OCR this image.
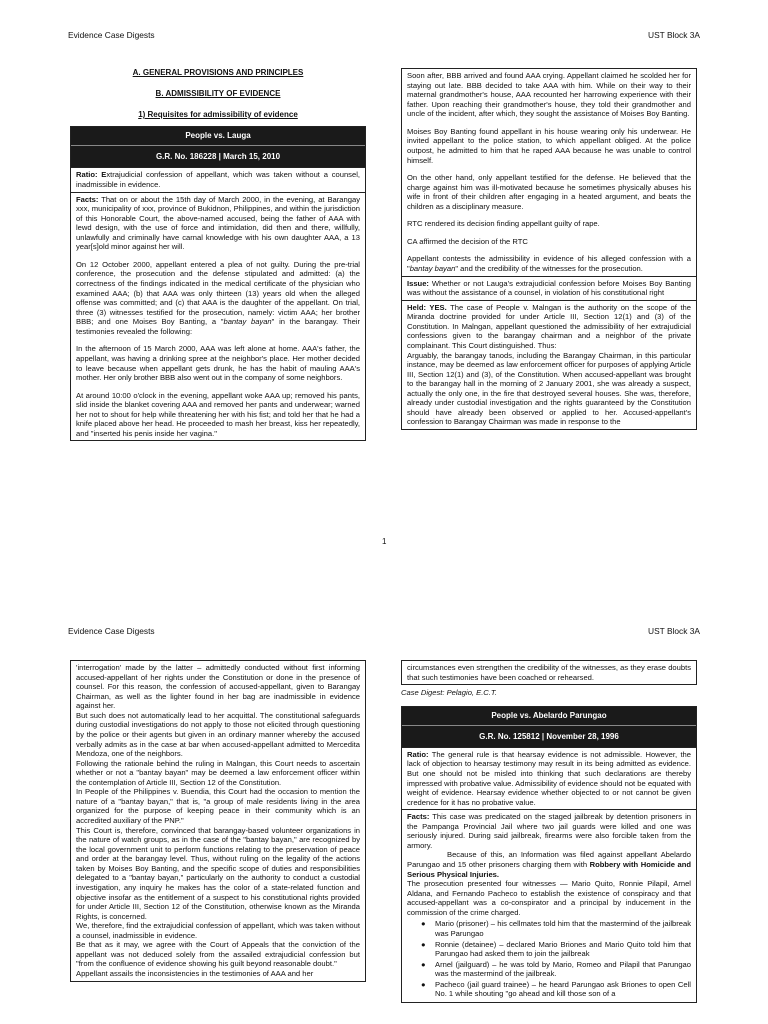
Evidence Case Digests	UST Block 3A
A. GENERAL PROVISIONS AND PRINCIPLES
B. ADMISSIBILITY OF EVIDENCE
1) Requisites for admissibility of evidence
People vs. Lauga
G.R. No. 186228 | March 15, 2010
Ratio: Extrajudicial confession of appellant, which was taken without a counsel, inadmissible in evidence.

Facts: That on or about the 15th day of March 2000, in the evening, at Barangay xxx, municipality of xxx, province of Bukidnon, Philippines, and within the jurisdiction of this Honorable Court, the above-named accused, being the father of AAA with lewd design, with the use of force and intimidation, did then and there, willfully, unlawfully and criminally have carnal knowledge with his own daughter AAA, a 13 year[s]old minor against her will.

On 12 October 2000, appellant entered a plea of not guilty. During the pre-trial conference, the prosecution and the defense stipulated and admitted: (a) the correctness of the findings indicated in the medical certificate of the physician who examined AAA; (b) that AAA was only thirteen (13) years old when the alleged offense was committed; and (c) that AAA is the daughter of the appellant. On trial, three (3) witnesses testified for the prosecution, namely: victim AAA; her brother BBB; and one Moises Boy Banting, a "bantay bayan" in the barangay. Their testimonies revealed the following:

In the afternoon of 15 March 2000, AAA was left alone at home. AAA's father, the appellant, was having a drinking spree at the neighbor's place. Her mother decided to leave because when appellant gets drunk, he has the habit of mauling AAA's mother. Her only brother BBB also went out in the company of some neighbors.

At around 10:00 o'clock in the evening, appellant woke AAA up; removed his pants, slid inside the blanket covering AAA and removed her pants and underwear; warned her not to shout for help while threatening her with his fist; and told her that he had a knife placed above her head. He proceeded to mash her breast, kiss her repeatedly, and "inserted his penis inside her vagina."

Soon after, BBB arrived and found AAA crying. Appellant claimed he scolded her for staying out late. BBB decided to take AAA with him. While on their way to their maternal grandmother's house, AAA recounted her harrowing experience with their father. Upon reaching their grandmother's house, they told their grandmother and uncle of the incident, after which, they sought the assistance of Moises Boy Banting.

Moises Boy Banting found appellant in his house wearing only his underwear. He invited appellant to the police station, to which appellant obliged. At the police outpost, he admitted to him that he raped AAA because he was unable to control himself.

On the other hand, only appellant testified for the defense. He believed that the charge against him was ill-motivated because he sometimes physically abuses his wife in front of their children after engaging in a heated argument, and beats the children as a disciplinary measure.

RTC rendered its decision finding appellant guilty of rape.

CA affirmed the decision of the RTC

Appellant contests the admissibility in evidence of his alleged confession with a "bantay bayan" and the credibility of the witnesses for the prosecution.

Issue: Whether or not Lauga's extrajudicial confession before Moises Boy Banting was without the assistance of a counsel, in violation of his constitutional right

Held: YES. The case of People v. Malngan is the authority on the scope of the Miranda doctrine provided for under Article III, Section 12(1) and (3) of the Constitution. In Malngan, appellant questioned the admissibility of her extrajudicial confessions given to the barangay chairman and a neighbor of the private complainant. This Court distinguished. Thus:

Arguably, the barangay tanods, including the Barangay Chairman, in this particular instance, may be deemed as law enforcement officer for purposes of applying Article III, Section 12(1) and (3), of the Constitution. When accused-appellant was brought to the barangay hall in the morning of 2 January 2001, she was already a suspect, actually the only one, in the fire that destroyed several houses. She was, therefore, already under custodial investigation and the rights guaranteed by the Constitution should have already been observed or applied to her. Accused-appellant's confession to Barangay Chairman was made in response to the

1
Evidence Case Digests	UST Block 3A
'interrogation' made by the latter – admittedly conducted without first informing accused-appellant of her rights under the Constitution or done in the presence of counsel. For this reason, the confession of accused-appellant, given to Barangay Chairman, as well as the lighter found in her bag are inadmissible in evidence against her.
But such does not automatically lead to her acquittal. The constitutional safeguards during custodial investigations do not apply to those not elicited through questioning by the police or their agents but given in an ordinary manner whereby the accused verbally admits as in the case at bar when accused-appellant admitted to Mercedita Mendoza, one of the neighbors.
Following the rationale behind the ruling in Malngan, this Court needs to ascertain whether or not a "bantay bayan" may be deemed a law enforcement officer within the contemplation of Article III, Section 12 of the Constitution.
In People of the Philippines v. Buendia, this Court had the occasion to mention the nature of a "bantay bayan," that is, "a group of male residents living in the area organized for the purpose of keeping peace in their community which is an accredited auxiliary of the PNP."
This Court is, therefore, convinced that barangay-based volunteer organizations in the nature of watch groups, as in the case of the "bantay bayan," are recognized by the local government unit to perform functions relating to the preservation of peace and order at the barangay level. Thus, without ruling on the legality of the actions taken by Moises Boy Banting, and the specific scope of duties and responsibilities delegated to a "bantay bayan," particularly on the authority to conduct a custodial investigation, any inquiry he makes has the color of a state-related function and objective insofar as the entitlement of a suspect to his constitutional rights provided for under Article III, Section 12 of the Constitution, otherwise known as the Miranda Rights, is concerned.
We, therefore, find the extrajudicial confession of appellant, which was taken without a counsel, inadmissible in evidence.
Be that as it may, we agree with the Court of Appeals that the conviction of the appellant was not deduced solely from the assailed extrajudicial confession but "from the confluence of evidence showing his guilt beyond reasonable doubt."
Appellant assails the inconsistencies in the testimonies of AAA and her
circumstances even strengthen the credibility of the witnesses, as they erase doubts that such testimonies have been coached or rehearsed.
Case Digest: Pelagio, E.C.T.
People vs. Abelardo Parungao
G.R. No. 125812 | November 28, 1996
Ratio: The general rule is that hearsay evidence is not admissible. However, the lack of objection to hearsay testimony may result in its being admitted as evidence. But one should not be misled into thinking that such declarations are thereby impressed with probative value. Admissibility of evidence should not be equated with weight of evidence. Hearsay evidence whether objected to or not cannot be given credence for it has no probative value.
Facts: This case was predicated on the staged jailbreak by detention prisoners in the Pampanga Provincial Jail where two jail guards were killed and one was seriously injured. During said jailbreak, firearms were also forcible taken from the armory.
Because of this, an Information was filed against appellant Abelardo Parungao and 15 other prisoners charging them with Robbery with Homicide and Serious Physical Injuries.
The prosecution presented four witnesses — Mario Quito, Ronnie Pilapil, Arnel Aldana, and Fernando Pacheco to establish the existence of conspiracy and that accused-appellant was a co-conspirator and a principal by inducement in the commission of the crime charged.
● Mario (prisoner) – his cellmates told him that the mastermind of the jailbreak was Parungao
● Ronnie (detainee) – declared Mario Briones and Mario Quito told him that Parungao had asked them to join the jailbreak
● Arnel (jailguard) – he was told by Mario, Romeo and Pilapil that Parungao was the mastermind of the jailbreak.
● Pacheco (jail guard trainee) – he heard Parungao ask Briones to open Cell No. 1 while shouting "go ahead and kill those son of a
